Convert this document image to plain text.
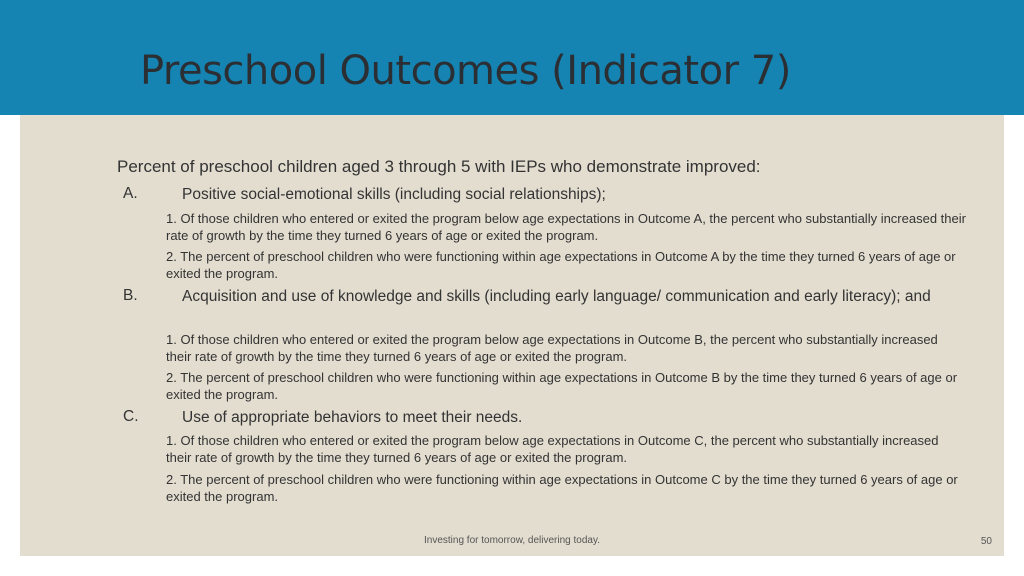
Preschool Outcomes (Indicator 7)
Percent of preschool children aged 3 through 5 with IEPs who demonstrate improved:
A.	Positive social-emotional skills (including social relationships);
1. Of those children who entered or exited the program below age expectations in Outcome A, the percent who substantially increased their rate of growth by the time they turned 6 years of age or exited the program.
2. The percent of preschool children who were functioning within age expectations in Outcome A by the time they turned 6 years of age or exited the program.
B.	Acquisition and use of knowledge and skills (including early language/ communication and early literacy); and
1. Of those children who entered or exited the program below age expectations in Outcome B, the percent who substantially increased their rate of growth by the time they turned 6 years of age or exited the program.
2. The percent of preschool children who were functioning within age expectations in Outcome B by the time they turned 6 years of age or exited the program.
C.	Use of appropriate behaviors to meet their needs.
1. Of those children who entered or exited the program below age expectations in Outcome C, the percent who substantially increased their rate of growth by the time they turned 6 years of age or exited the program.
2. The percent of preschool children who were functioning within age expectations in Outcome C by the time they turned 6 years of age or exited the program.
Investing for tomorrow, delivering today.	50
